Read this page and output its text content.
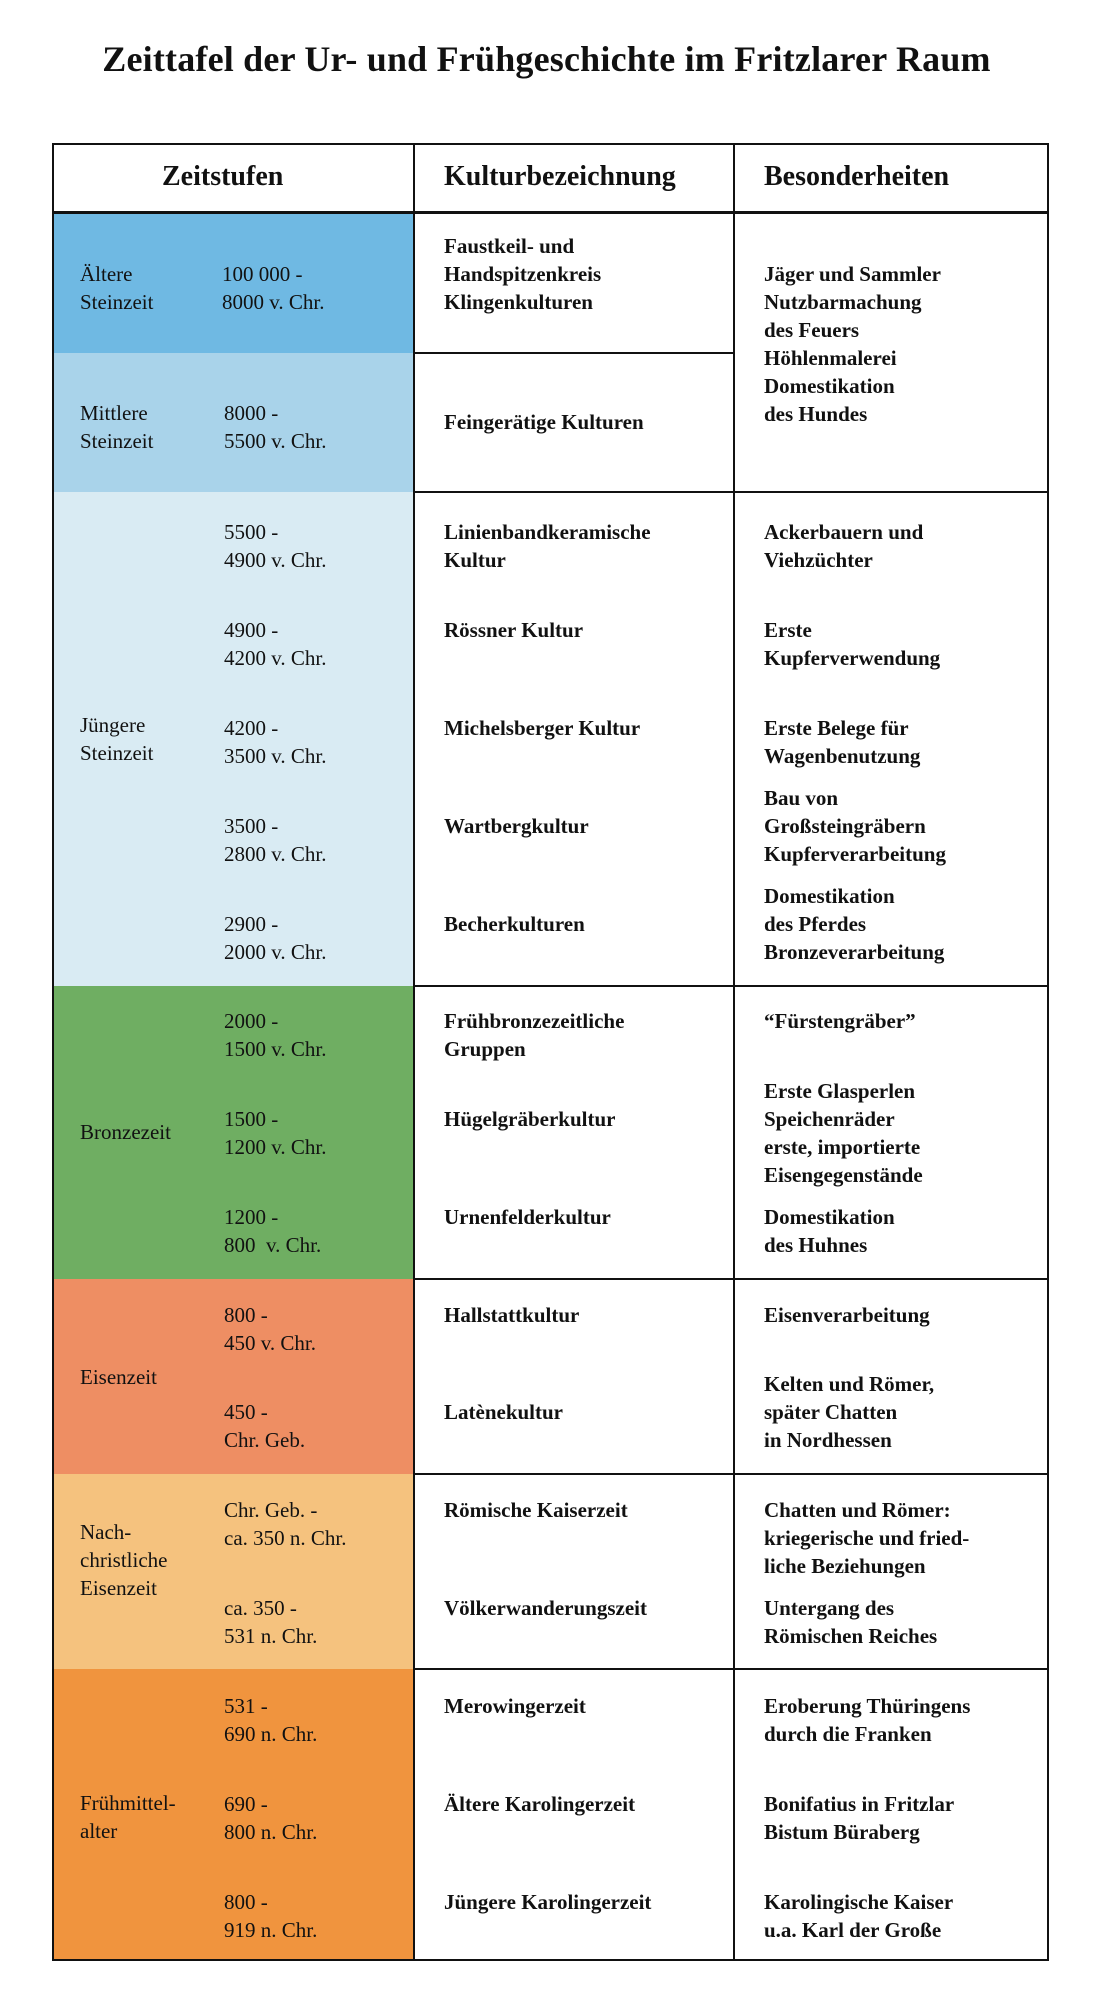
Zeittafel der Ur- und Frühgeschichte im Fritzlarer Raum
Zeitstufen	Kulturbezeichnung	Besonderheiten
Ältere
Steinzeit
Mittlere
Steinzeit
Jüngere
Steinzeit
Bronzezeit
Eisenzeit
Nach-
christliche
Eisenzeit
Frühmittel-
alter
100 000 -
8000 v. Chr.
8000 -
5500 v. Chr.
5500 -
4900 v. Chr.
4900 -
4200 v. Chr.
4200 -
3500 v. Chr.
3500 -
2800 v. Chr.
2900 -
2000 v. Chr.
2000 -
1500 v. Chr.
1500 -
1200 v. Chr.
1200 -
800  v. Chr.
800 -
450 v. Chr.
450 -
Chr. Geb.
Chr. Geb. -
ca. 350 n. Chr.
ca. 350 -
531 n. Chr.
531 -
690 n. Chr.
690 -
800 n. Chr.
800 -
919 n. Chr.
Faustkeil- und
Handspitzenkreis
Klingenkulturen
Feingerätige Kulturen
Linienbandkeramische
Kultur
Rössner Kultur
Michelsberger Kultur
Wartbergkultur
Becherkulturen
Frühbronzezeitliche
Gruppen
Hügelgräberkultur
Urnenfelderkultur
Hallstattkultur
Latènekultur
Römische Kaiserzeit
Völkerwanderungszeit
Merowingerzeit
Ältere Karolingerzeit
Jüngere Karolingerzeit
Jäger und Sammler
Nutzbarmachung
des Feuers
Höhlenmalerei
Domestikation
des Hundes
Ackerbauern und
Viehzüchter
Erste
Kupferverwendung
Erste Belege für
Wagenbenutzung
Bau von
Großsteingräbern
Kupferverarbeitung
Domestikation
des Pferdes
Bronzeverarbeitung
“Fürstengräber”
Erste Glasperlen
Speichenräder
erste, importierte
Eisengegenstände
Domestikation
des Huhnes
Eisenverarbeitung
Kelten und Römer,
später Chatten
in Nordhessen
Chatten und Römer:
kriegerische und fried-
liche Beziehungen
Untergang des
Römischen Reiches
Eroberung Thüringens
durch die Franken
Bonifatius in Fritzlar
Bistum Büraberg
Karolingische Kaiser
u.a. Karl der Große
